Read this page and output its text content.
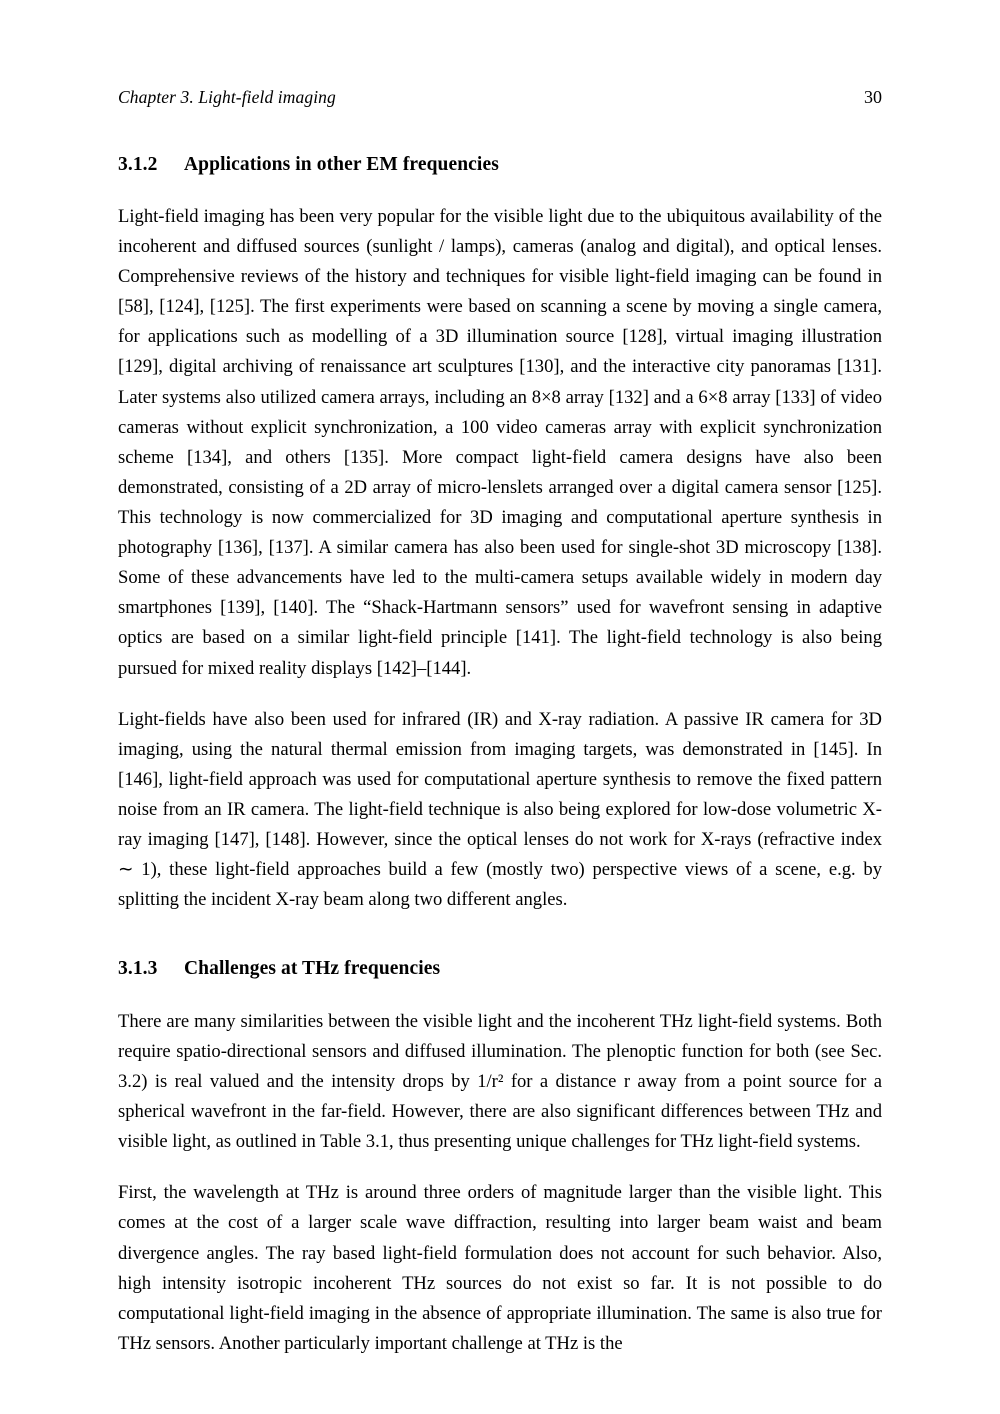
Chapter 3. Light-field imaging	30
3.1.2 Applications in other EM frequencies

Light-field imaging has been very popular for the visible light due to the ubiquitous availability of the incoherent and diffused sources (sunlight / lamps), cameras (analog and digital), and optical lenses. Comprehensive reviews of the history and techniques for visible light-field imaging can be found in [58], [124], [125]. The first experiments were based on scanning a scene by moving a single camera, for applications such as modelling of a 3D illumination source [128], virtual imaging illustration [129], digital archiving of renaissance art sculptures [130], and the interactive city panoramas [131]. Later systems also utilized camera arrays, including an 8×8 array [132] and a 6×8 array [133] of video cameras without explicit synchronization, a 100 video cameras array with explicit synchronization scheme [134], and others [135]. More compact light-field camera designs have also been demonstrated, consisting of a 2D array of micro-lenslets arranged over a digital camera sensor [125]. This technology is now commercialized for 3D imaging and computational aperture synthesis in photography [136], [137]. A similar camera has also been used for single-shot 3D microscopy [138]. Some of these advancements have led to the multi-camera setups available widely in modern day smartphones [139], [140]. The “Shack-Hartmann sensors” used for wavefront sensing in adaptive optics are based on a similar light-field principle [141]. The light-field technology is also being pursued for mixed reality displays [142]–[144].

Light-fields have also been used for infrared (IR) and X-ray radiation. A passive IR camera for 3D imaging, using the natural thermal emission from imaging targets, was demonstrated in [145]. In [146], light-field approach was used for computational aperture synthesis to remove the fixed pattern noise from an IR camera. The light-field technique is also being explored for low-dose volumetric X-ray imaging [147], [148]. However, since the optical lenses do not work for X-rays (refractive index ∼ 1), these light-field approaches build a few (mostly two) perspective views of a scene, e.g. by splitting the incident X-ray beam along two different angles.

3.1.3 Challenges at THz frequencies

There are many similarities between the visible light and the incoherent THz light-field systems. Both require spatio-directional sensors and diffused illumination. The plenoptic function for both (see Sec. 3.2) is real valued and the intensity drops by 1/r² for a distance r away from a point source for a spherical wavefront in the far-field. However, there are also significant differences between THz and visible light, as outlined in Table 3.1, thus presenting unique challenges for THz light-field systems.

First, the wavelength at THz is around three orders of magnitude larger than the visible light. This comes at the cost of a larger scale wave diffraction, resulting into larger beam waist and beam divergence angles. The ray based light-field formulation does not account for such behavior. Also, high intensity isotropic incoherent THz sources do not exist so far. It is not possible to do computational light-field imaging in the absence of appropriate illumination. The same is also true for THz sensors. Another particularly important challenge at THz is the
